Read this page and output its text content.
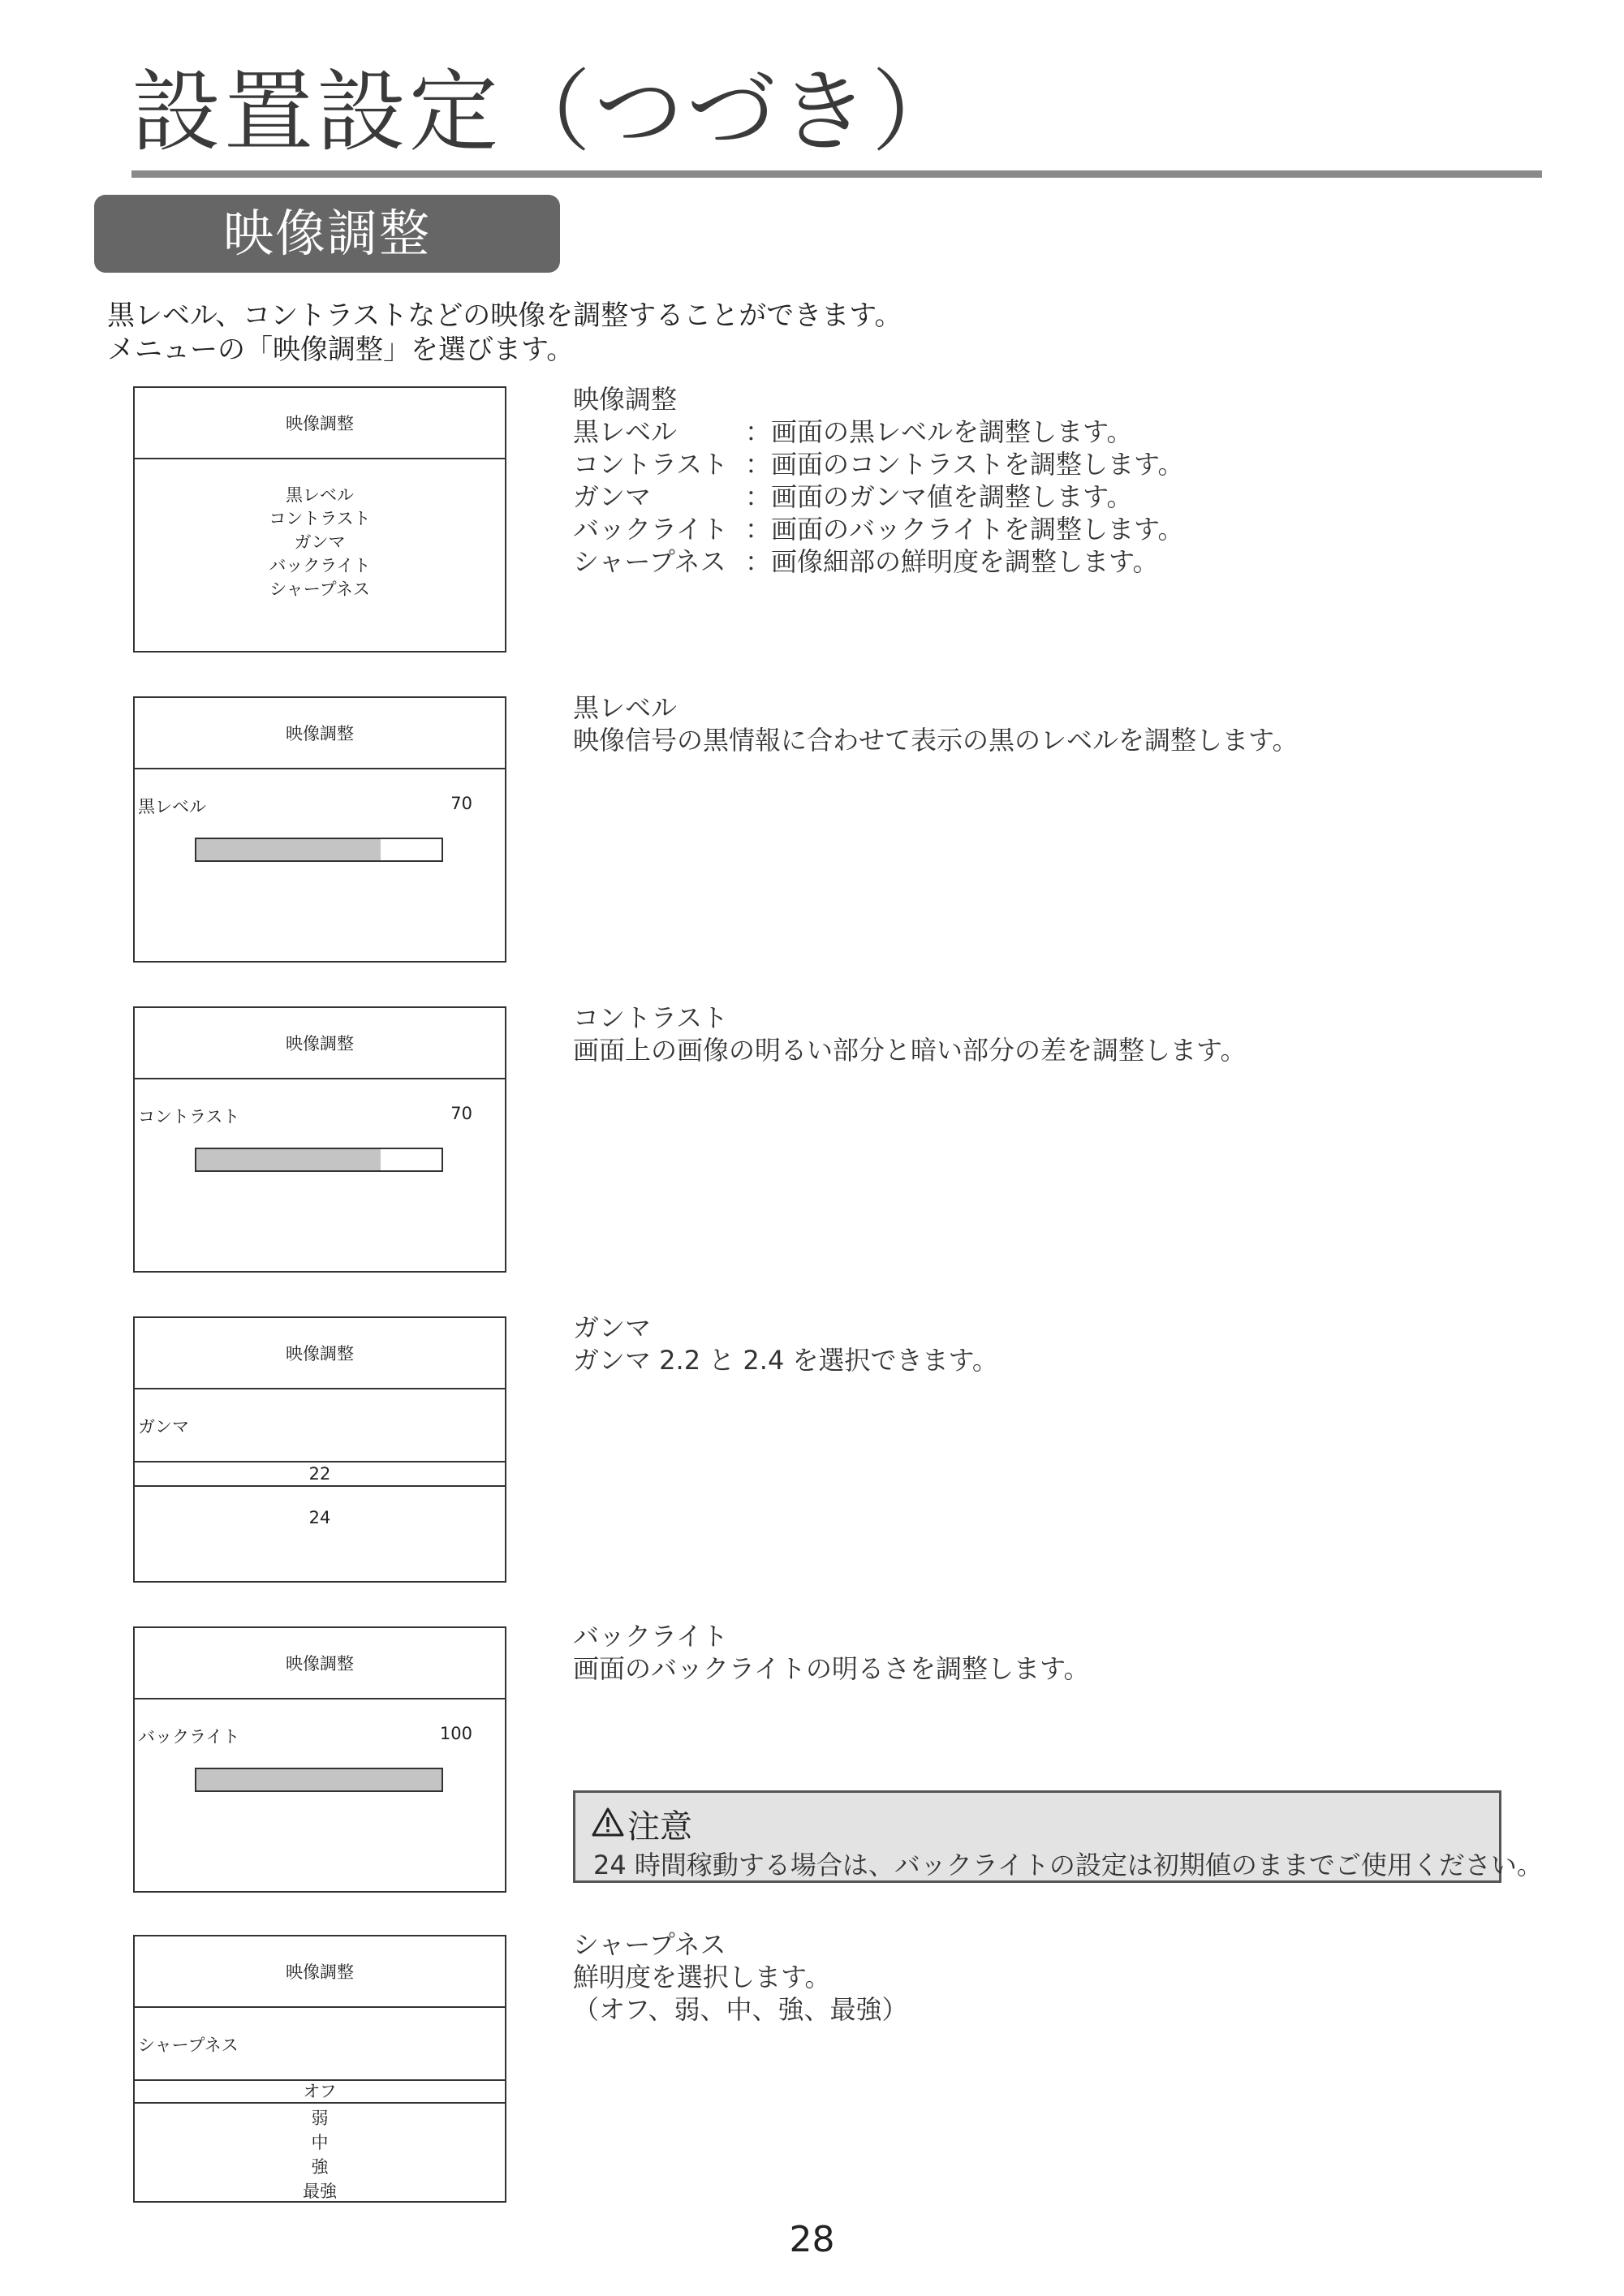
設置設定（つづき）
映像調整
黒レベル、コントラストなどの映像を調整することができます。
メニューの「映像調整」を選びます。
映像調整
黒レベル
コントラスト
ガンマ
バックライト
シャープネス
映像調整
黒レベル	：画面の黒レベルを調整します。
コントラスト ：画面のコントラストを調整します。
ガンマ	：画面のガンマ値を調整します。
バックライト ：画面のバックライトを調整します。
シャープネス ：画像細部の鮮明度を調整します。
映像調整
黒レベル	70
黒レベル
映像信号の黒情報に合わせて表示の黒のレベルを調整します。
映像調整
コントラスト	70
コントラスト
画面上の画像の明るい部分と暗い部分の差を調整します。
映像調整
ガンマ
22
24
ガンマ
ガンマ 2.2 と 2.4 を選択できます。
映像調整
バックライト	100
バックライト
画面のバックライトの明るさを調整します。
注意
24 時間稼動する場合は、バックライトの設定は初期値のままでご使用ください。
映像調整
シャープネス
オフ
弱
中
強
最強
シャープネス
鮮明度を選択します。
（オフ、弱、中、強、最強）
28
